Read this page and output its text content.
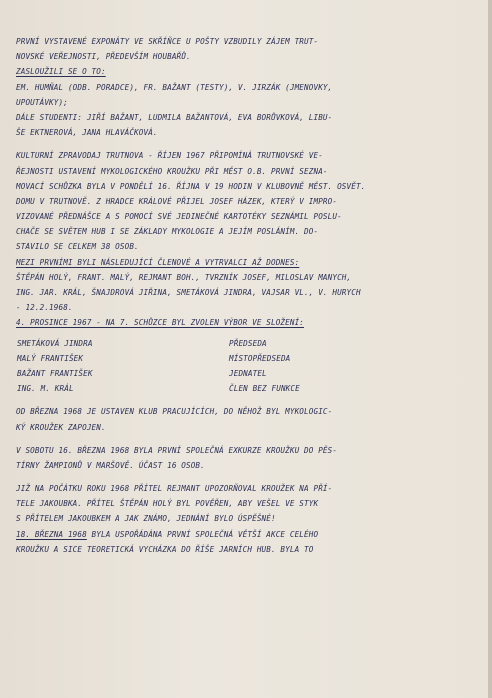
PRVNÍ VYSTAVENÉ EXPONÁTY VE SKŘÍŇCE U POŠTY VZBUDILY ZÁJEM TRUT-
NOVSKÉ VEŘEJNOSTI, PŘEDEVŠÍM HOUBAŘŮ.
ZASLOUŽILI SE O TO:
EM. HUMŇAL (ODB. PORADCE), FR. BAŽANT (TESTY), V. JIRZÁK (JMENOVKY,
UPOUTÁVKY);
DÁLE STUDENTI: JIŘÍ BAŽANT, LUDMILA BAŽANTOVÁ, EVA BORŮVKOVÁ, LIBU-
ŠE EKTNEROVÁ, JANA HLAVÁČKOVÁ.
KULTURNÍ ZPRAVODAJ TRUTNOVA - ŘÍJEN 1967 PŘIPOMÍNÁ TRUTNOVSKÉ VE-
ŘEJNOSTI USTAVENÍ MYKOLOGICKÉHO KROUŽKU PŘI MĚST O.B. PRVNÍ SEZNA-
MOVACÍ SCHŮZKA BYLA V PONDĚLÍ 16. ŘÍJNA V 19 HODIN V KLUBOVNĚ MĚST. OSVĚT.
DOMU V TRUTNOVĚ. Z HRADCE KRÁLOVÉ PŘIJEL JOSEF HÁZEK, KTERÝ V IMPRO-
VIZOVANÉ PŘEDNÁŠCE A S POMOCÍ SVÉ JEDINEČNÉ KARTOTÉKY SEZNÁMIL POSLU-
CHAČE SE SVĚTEM HUB I SE ZÁKLADY MYKOLOGIE A JEJÍM POSLÁNÍM. DO-
STAVILO SE CELKEM 38 OSOB.
MEZI PRVNÍMI BYLI NÁSLEDUJÍCÍ ČLENOVÉ A VYTRVALCI AŽ DODNES:
ŠTĚPÁN HOLÝ, FRANT. MALÝ, REJMANT BOH., TVRZNÍK JOSEF, MILOSLAV MANYCH,
ING. JAR. KRÁL, ŠNAJDROVÁ JIŘINA, SMETÁKOVÁ JINDRA, VAJSAR VL., V. HURYCH
- 12.2.1968.
4. PROSINCE 1967 - NA 7. SCHŮZCE BYL ZVOLEN VÝBOR VE SLOŽENÍ:
SMETÁKOVÁ JINDRA	PŘEDSEDA
MALÝ FRANTIŠEK	MÍSTOPŘEDSEDA
BAŽANT FRANTIŠEK	JEDNATEL
ING. M. KRÁL	ČLEN BEZ FUNKCE
OD BŘEZNA 1968 JE USTAVEN KLUB PRACUJÍCÍCH, DO NĚHOŽ BYL MYKOLOGIC-
KÝ KROUŽEK ZAPOJEN.
V SOBOTU 16. BŘEZNA 1968 BYLA PRVNÍ SPOLEČNÁ EXKURZE KROUŽKU DO PĚS-
TÍRNY ŽAMPIONŮ V MARŠOVĚ. ÚČAST 16 OSOB.
JIŽ NA POČÁTKU ROKU 1968 PŘÍTEL REJMANT UPOZORŇOVAL KROUŽEK NA PŘÍ-
TELE JAKOUBKA. PŘÍTEL ŠTĚPÁN HOLÝ BYL POVĚŘEN, ABY VEŠEL VE STYK
S PŘÍTELEM JAKOUBKEM A JAK ZNÁMO, JEDNÁNÍ BYLO ÚSPĚŠNÉ!
18. BŘEZNA 1968 BYLA USPOŘÁDÁNA PRVNÍ SPOLEČNÁ VĚTŠÍ AKCE CELÉHO
KROUŽKU A SICE TEORETICKÁ VYCHÁZKA DO ŘÍŠE JARNÍCH HUB. BYLA TO
